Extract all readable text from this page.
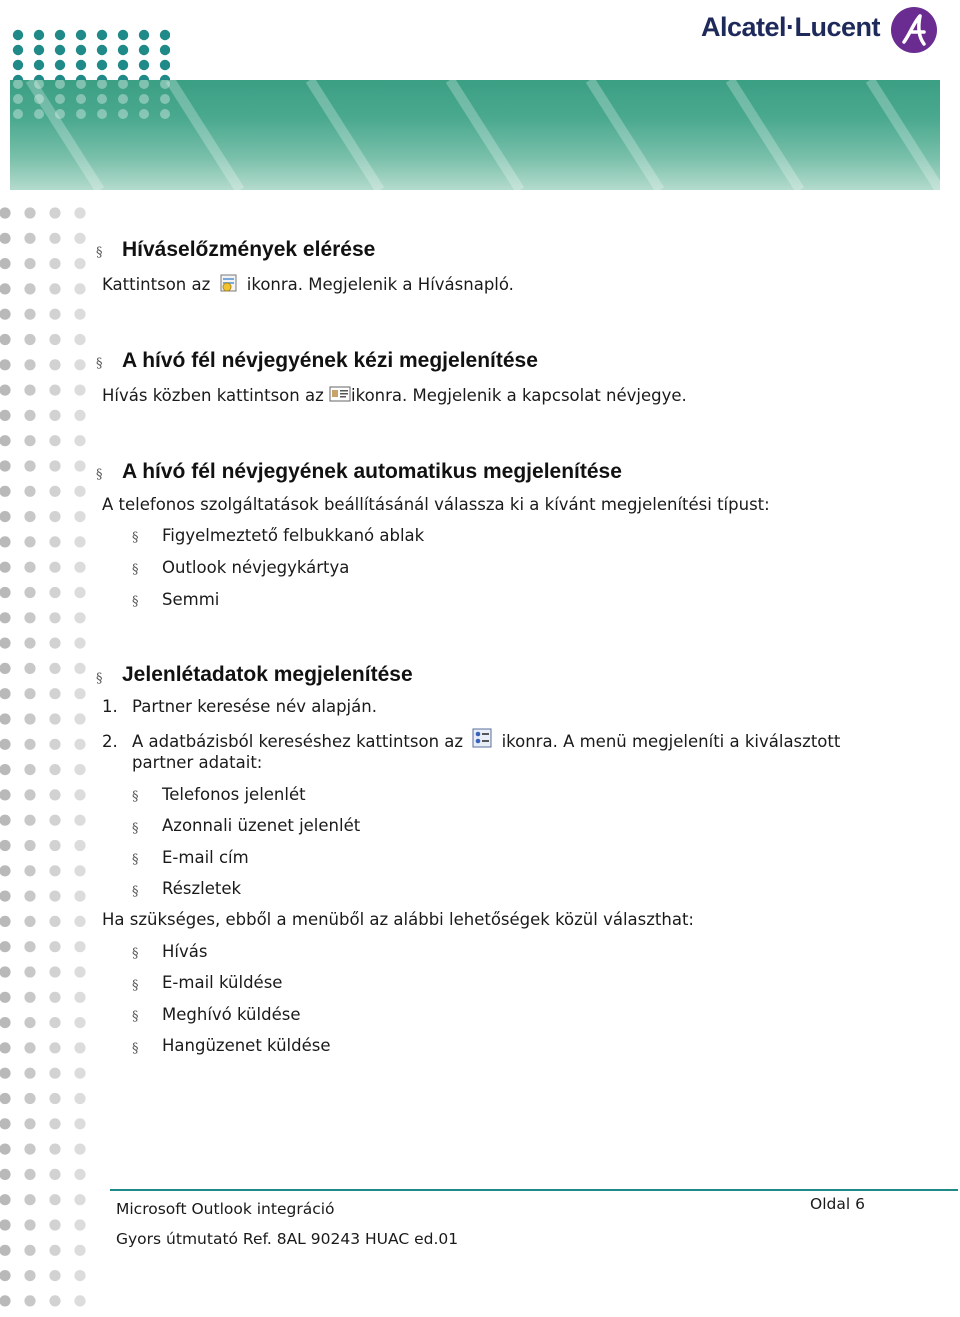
Alcatel·Lucent
§ Híváselőzmények elérése
Kattintson az ikonra. Megjelenik a Hívásnapló.
§ A hívó fél névjegyének kézi megjelenítése
Hívás közben kattintson az ikonra. Megjelenik a kapcsolat névjegye.
§ A hívó fél névjegyének automatikus megjelenítése
A telefonos szolgáltatások beállításánál válassza ki a kívánt megjelenítési típust:
§ Figyelmeztető felbukkanó ablak
§ Outlook névjegykártya
§ Semmi
§ Jelenlétadatok megjelenítése
1. Partner keresése név alapján.
2. A adatbázisból kereséshez kattintson az ikonra. A menü megjeleníti a kiválasztott
partner adatait:
§ Telefonos jelenlét
§ Azonnali üzenet jelenlét
§ E-mail cím
§ Részletek
Ha szükséges, ebből a menüből az alábbi lehetőségek közül választhat:
§ Hívás
§ E-mail küldése
§ Meghívó küldése
§ Hangüzenet küldése
Microsoft Outlook integráció
Gyors útmutató Ref. 8AL 90243 HUAC ed.01
Oldal 6
